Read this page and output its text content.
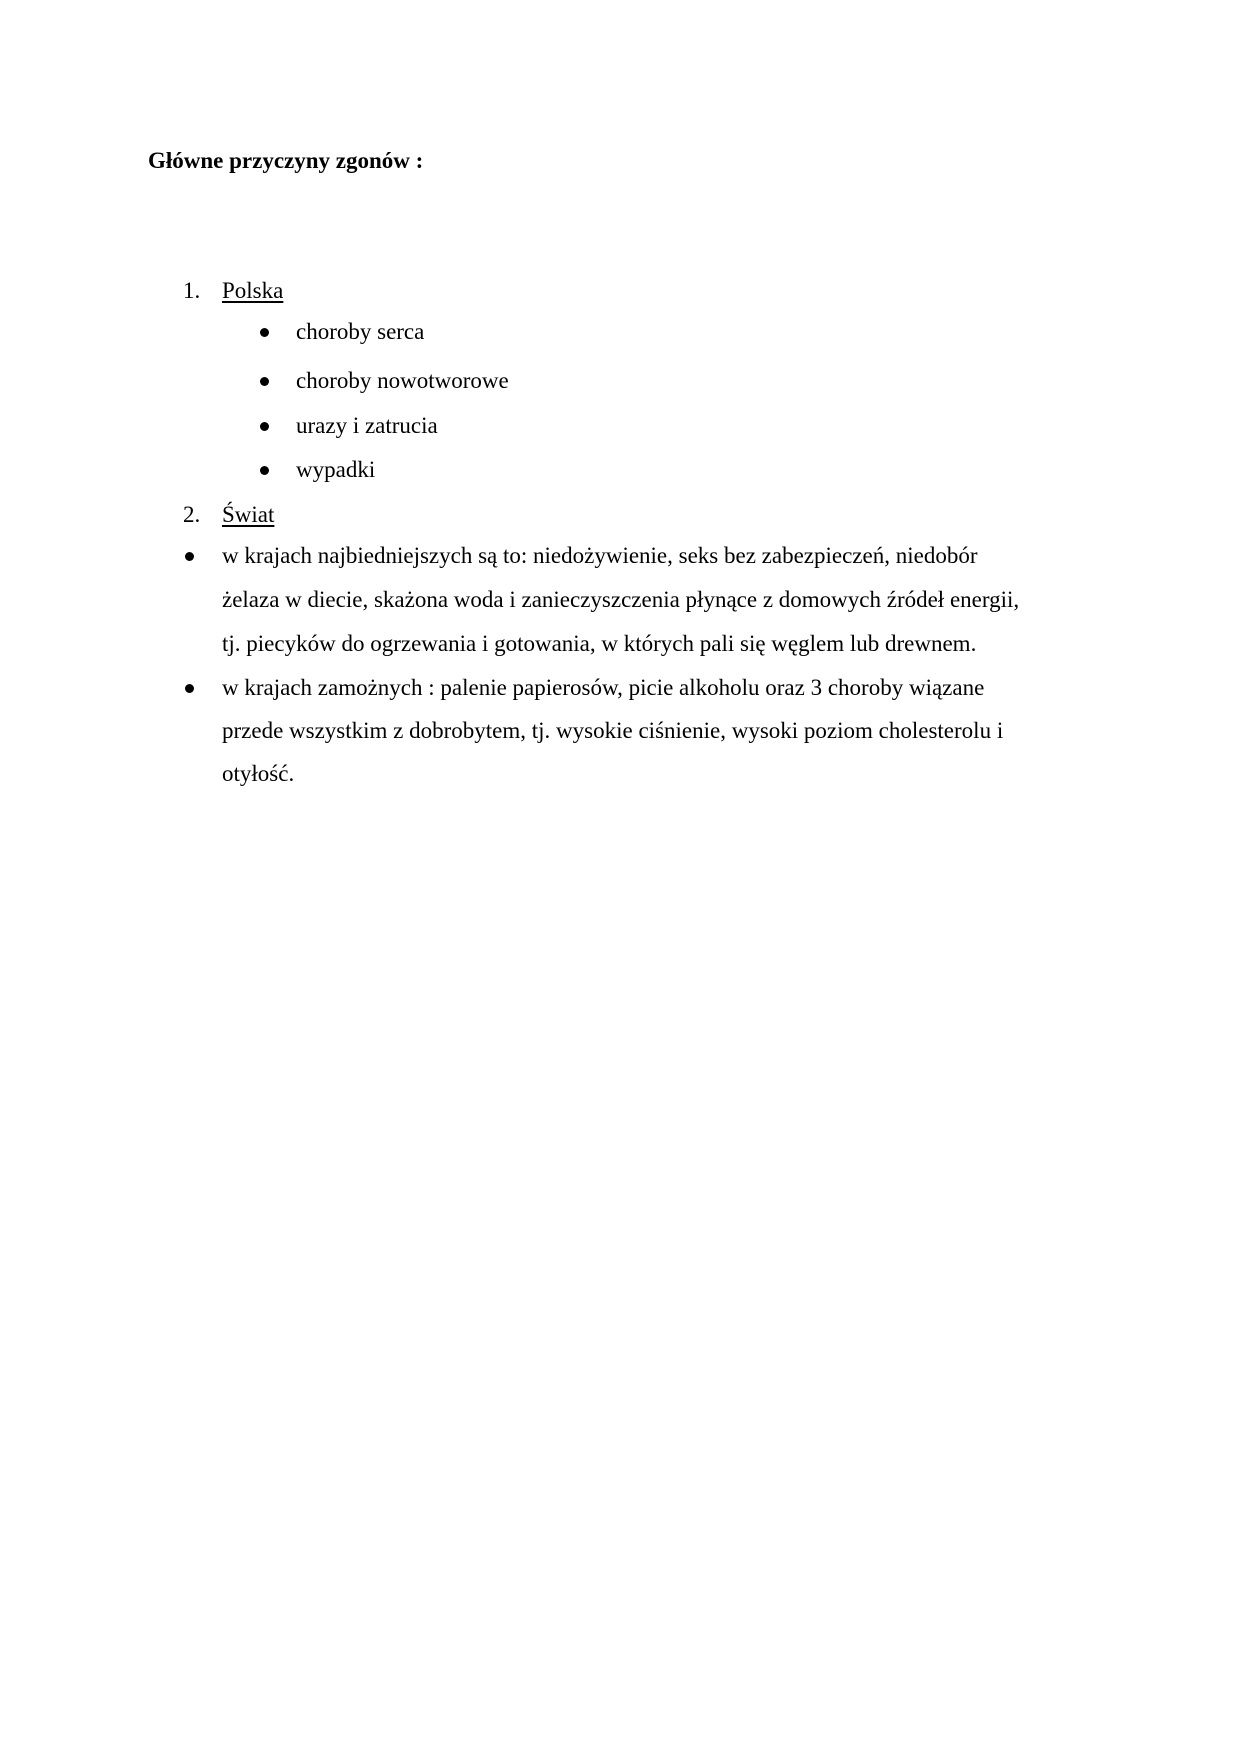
Główne przyczyny zgonów :
1. Polska
choroby serca
choroby nowotworowe
urazy i zatrucia
wypadki
2. Świat
w krajach najbiedniejszych są to: niedożywienie, seks bez zabezpieczeń, niedobór
żelaza w diecie, skażona woda i zanieczyszczenia płynące z domowych źródeł energii,
tj. piecyków do ogrzewania i gotowania, w których pali się węglem lub drewnem.
w krajach zamożnych : palenie papierosów, picie alkoholu oraz 3 choroby wiązane
przede wszystkim z dobrobytem, tj. wysokie ciśnienie, wysoki poziom cholesterolu i
otyłość.
